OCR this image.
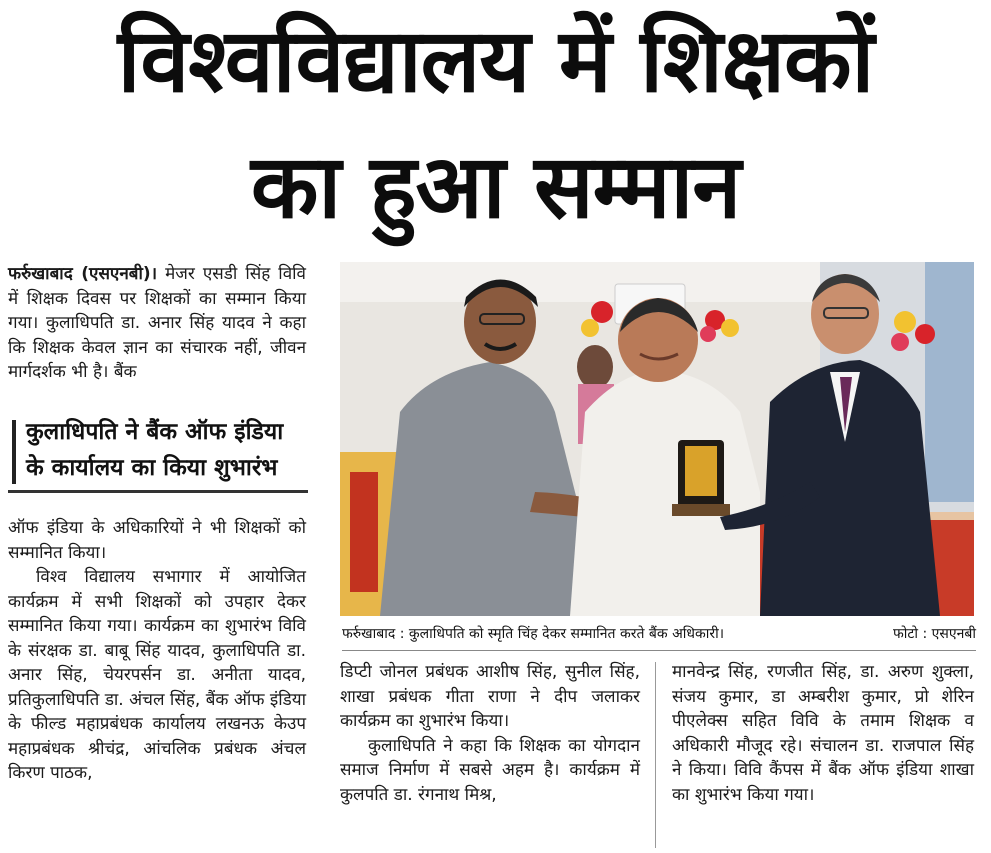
विश्वविद्यालय में शिक्षकों
का हुआ सम्मान

फर्रुखाबाद (एसएनबी)। मेजर एसडी सिंह विवि में शिक्षक दिवस पर शिक्षकों का सम्मान किया गया। कुलाधिपति डा. अनार सिंह यादव ने कहा कि शिक्षक केवल ज्ञान का संचारक नहीं, जीवन मार्गदर्शक भी है। बैंक

कुलाधिपति ने बैंक ऑफ इंडिया के कार्यालय का किया शुभारंभ

ऑफ इंडिया के अधिकारियों ने भी शिक्षकों को सम्मानित किया।

विश्व विद्यालय सभागार में आयोजित कार्यक्रम में सभी शिक्षकों को उपहार देकर सम्मानित किया गया। कार्यक्रम का शुभारंभ विवि के संरक्षक डा. बाबू सिंह यादव, कुलाधिपति डा. अनार सिंह, चेयरपर्सन डा. अनीता यादव, प्रतिकुलाधिपति डा. अंचल सिंह, बैंक ऑफ इंडिया के फील्ड महाप्रबंधक कार्यालय लखनऊ केउप महाप्रबंधक श्रीचंद्र, आंचलिक प्रबंधक अंचल किरण पाठक,

फर्रुखाबाद : कुलाधिपति को स्मृति चिंह देकर सम्मानित करते बैंक अधिकारी।	फोटो : एसएनबी

डिप्टी जोनल प्रबंधक आशीष सिंह, सुनील सिंह, शाखा प्रबंधक गीता राणा ने दीप जलाकर कार्यक्रम का शुभारंभ किया।

कुलाधिपति ने कहा कि शिक्षक का योगदान समाज निर्माण में सबसे अहम है। कार्यक्रम में कुलपति डा. रंगनाथ मिश्र,

मानवेन्द्र सिंह, रणजीत सिंह, डा. अरुण शुक्ला, संजय कुमार, डा अम्बरीश कुमार, प्रो शेरिन पीएलेक्स सहित विवि के तमाम शिक्षक व अधिकारी मौजूद रहे। संचालन डा. राजपाल सिंह ने किया। विवि कैंपस में बैंक ऑफ इंडिया शाखा का शुभारंभ किया गया।
